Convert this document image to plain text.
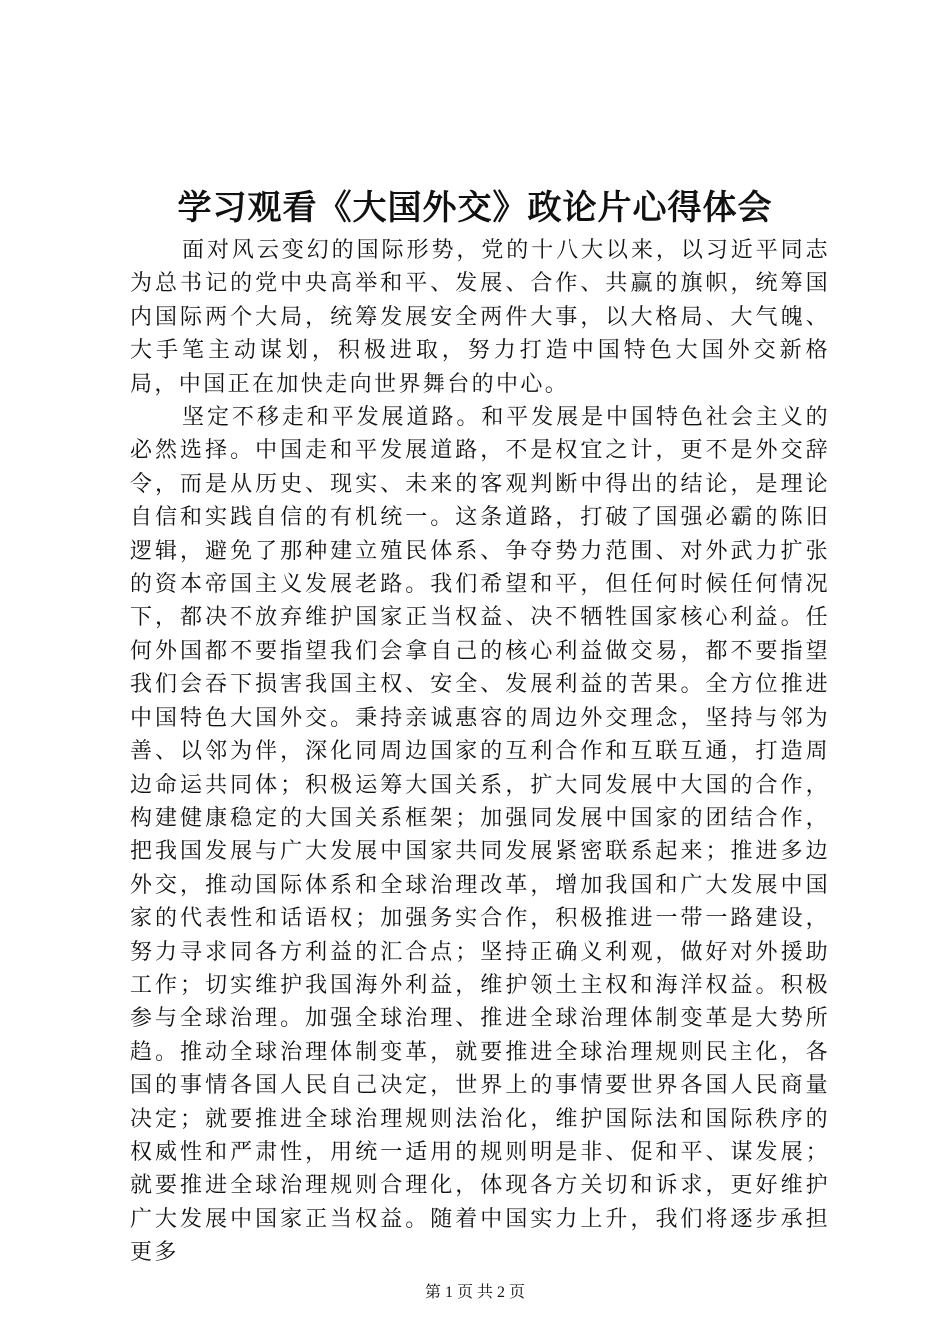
学习观看《大国外交》政论片心得体会

面对风云变幻的国际形势，党的十八大以来，以习近平同志为总书记的党中央高举和平、发展、合作、共赢的旗帜，统筹国内国际两个大局，统筹发展安全两件大事，以大格局、大气魄、大手笔主动谋划，积极进取，努力打造中国特色大国外交新格局，中国正在加快走向世界舞台的中心。

坚定不移走和平发展道路。和平发展是中国特色社会主义的必然选择。中国走和平发展道路，不是权宜之计，更不是外交辞令，而是从历史、现实、未来的客观判断中得出的结论，是理论自信和实践自信的有机统一。这条道路，打破了国强必霸的陈旧逻辑，避免了那种建立殖民体系、争夺势力范围、对外武力扩张的资本帝国主义发展老路。我们希望和平，但任何时候任何情况下，都决不放弃维护国家正当权益、决不牺牲国家核心利益。任何外国都不要指望我们会拿自己的核心利益做交易，都不要指望我们会吞下损害我国主权、安全、发展利益的苦果。全方位推进中国特色大国外交。秉持亲诚惠容的周边外交理念，坚持与邻为善、以邻为伴，深化同周边国家的互利合作和互联互通，打造周边命运共同体；积极运筹大国关系，扩大同发展中大国的合作，构建健康稳定的大国关系框架；加强同发展中国家的团结合作，把我国发展与广大发展中国家共同发展紧密联系起来；推进多边外交，推动国际体系和全球治理改革，增加我国和广大发展中国家的代表性和话语权；加强务实合作，积极推进一带一路建设，努力寻求同各方利益的汇合点；坚持正确义利观，做好对外援助工作；切实维护我国海外利益，维护领土主权和海洋权益。积极参与全球治理。加强全球治理、推进全球治理体制变革是大势所趋。推动全球治理体制变革，就要推进全球治理规则民主化，各国的事情各国人民自己决定，世界上的事情要世界各国人民商量决定；就要推进全球治理规则法治化，维护国际法和国际秩序的权威性和严肃性，用统一适用的规则明是非、促和平、谋发展；就要推进全球治理规则合理化，体现各方关切和诉求，更好维护广大发展中国家正当权益。随着中国实力上升，我们将逐步承担更多

第 1 页 共 2 页
